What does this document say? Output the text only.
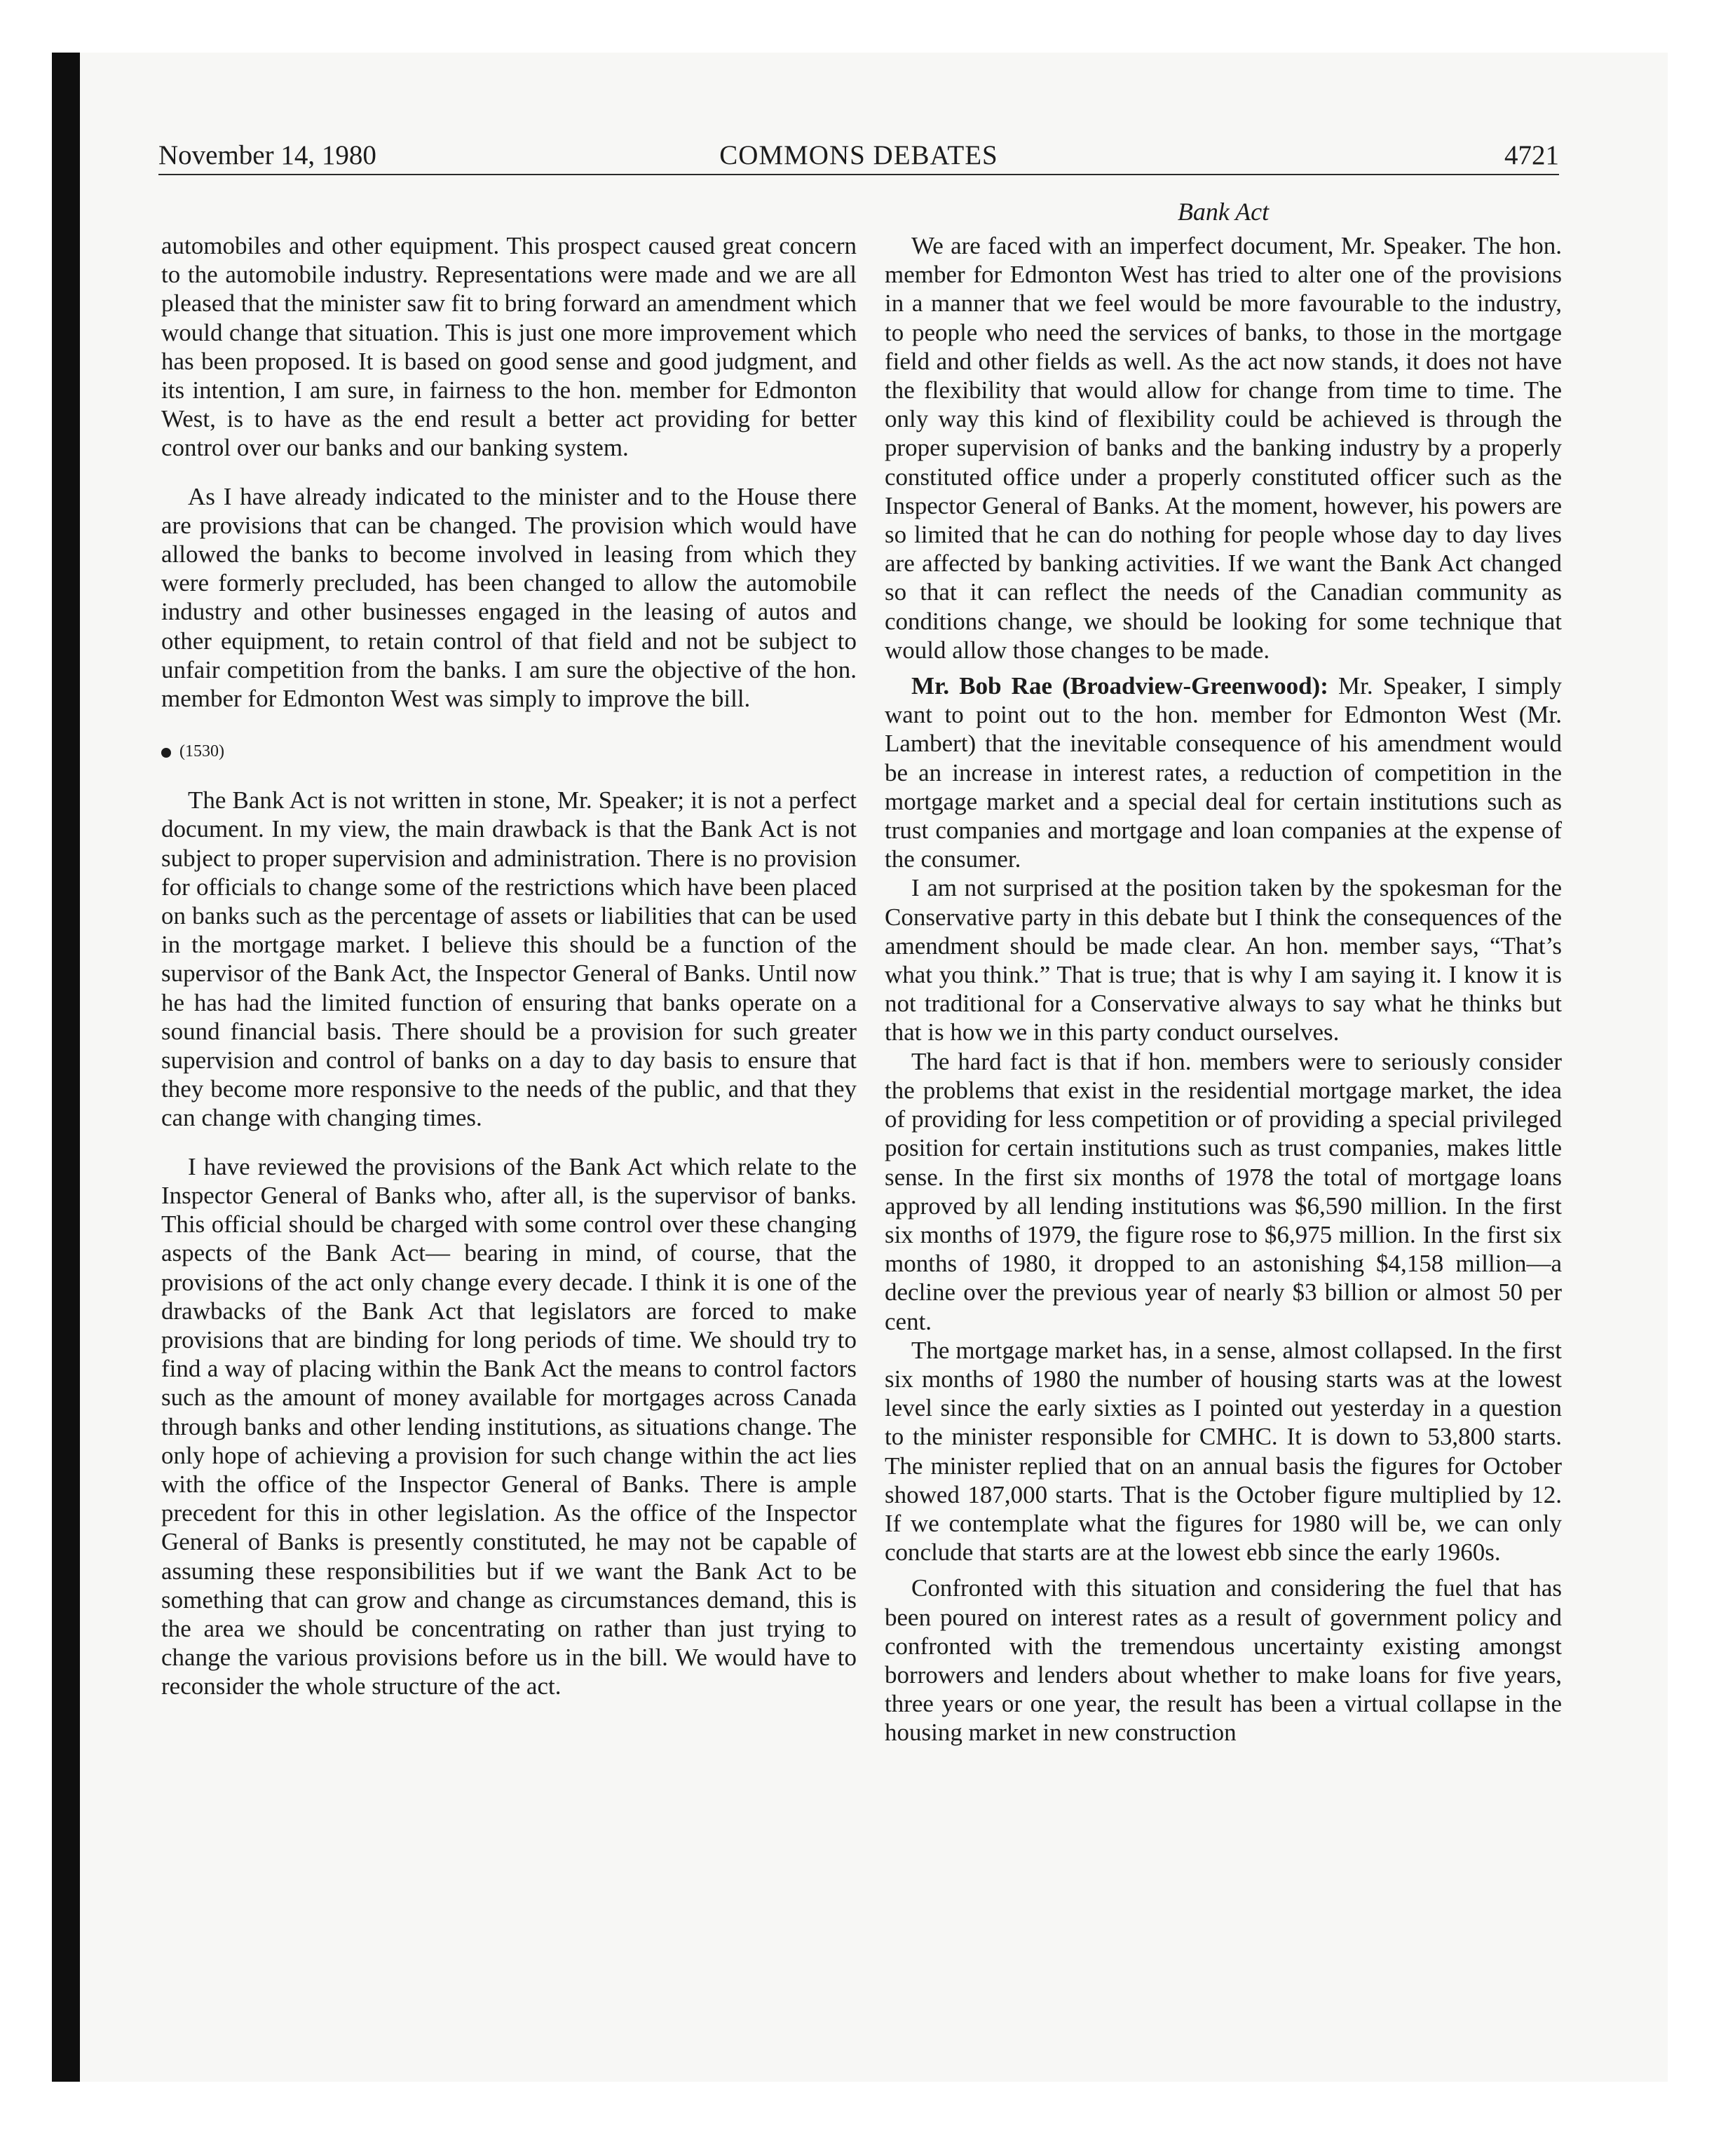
November 14, 1980	COMMONS DEBATES	4721
Bank Act

automobiles and other equipment. This prospect caused great concern to the automobile industry. Representations were made and we are all pleased that the minister saw fit to bring forward an amendment which would change that situation. This is just one more improvement which has been proposed. It is based on good sense and good judgment, and its intention, I am sure, in fairness to the hon. member for Edmonton West, is to have as the end result a better act providing for better control over our banks and our banking system.

As I have already indicated to the minister and to the House there are provisions that can be changed. The provision which would have allowed the banks to become involved in leasing from which they were formerly precluded, has been changed to allow the automobile industry and other businesses engaged in the leasing of autos and other equipment, to retain control of that field and not be subject to unfair competition from the banks. I am sure the objective of the hon. member for Edmonton West was simply to improve the bill.

(1530)

The Bank Act is not written in stone, Mr. Speaker; it is not a perfect document. In my view, the main drawback is that the Bank Act is not subject to proper supervision and administration. There is no provision for officials to change some of the restrictions which have been placed on banks such as the percentage of assets or liabilities that can be used in the mortgage market. I believe this should be a function of the supervisor of the Bank Act, the Inspector General of Banks. Until now he has had the limited function of ensuring that banks operate on a sound financial basis. There should be a provision for such greater supervision and control of banks on a day to day basis to ensure that they become more responsive to the needs of the public, and that they can change with changing times.

I have reviewed the provisions of the Bank Act which relate to the Inspector General of Banks who, after all, is the supervisor of banks. This official should be charged with some control over these changing aspects of the Bank Act— bearing in mind, of course, that the provisions of the act only change every decade. I think it is one of the drawbacks of the Bank Act that legislators are forced to make provisions that are binding for long periods of time. We should try to find a way of placing within the Bank Act the means to control factors such as the amount of money available for mortgages across Canada through banks and other lending institutions, as situations change. The only hope of achieving a provision for such change within the act lies with the office of the Inspector General of Banks. There is ample precedent for this in other legislation. As the office of the Inspector General of Banks is presently constituted, he may not be capable of assuming these responsibilities but if we want the Bank Act to be something that can grow and change as circumstances demand, this is the area we should be concentrating on rather than just trying to change the various provisions before us in the bill. We would have to reconsider the whole structure of the act.

We are faced with an imperfect document, Mr. Speaker. The hon. member for Edmonton West has tried to alter one of the provisions in a manner that we feel would be more favourable to the industry, to people who need the services of banks, to those in the mortgage field and other fields as well. As the act now stands, it does not have the flexibility that would allow for change from time to time. The only way this kind of flexibility could be achieved is through the proper supervision of banks and the banking industry by a properly constituted office under a properly constituted officer such as the Inspector General of Banks. At the moment, however, his powers are so limited that he can do nothing for people whose day to day lives are affected by banking activities. If we want the Bank Act changed so that it can reflect the needs of the Canadian community as conditions change, we should be looking for some technique that would allow those changes to be made.

Mr. Bob Rae (Broadview-Greenwood): Mr. Speaker, I simply want to point out to the hon. member for Edmonton West (Mr. Lambert) that the inevitable consequence of his amendment would be an increase in interest rates, a reduction of competition in the mortgage market and a special deal for certain institutions such as trust companies and mortgage and loan companies at the expense of the consumer.

I am not surprised at the position taken by the spokesman for the Conservative party in this debate but I think the consequences of the amendment should be made clear. An hon. member says, “That’s what you think.” That is true; that is why I am saying it. I know it is not traditional for a Conservative always to say what he thinks but that is how we in this party conduct ourselves.

The hard fact is that if hon. members were to seriously consider the problems that exist in the residential mortgage market, the idea of providing for less competition or of providing a special privileged position for certain institutions such as trust companies, makes little sense. In the first six months of 1978 the total of mortgage loans approved by all lending institutions was $6,590 million. In the first six months of 1979, the figure rose to $6,975 million. In the first six months of 1980, it dropped to an astonishing $4,158 million—a decline over the previous year of nearly $3 billion or almost 50 per cent.

The mortgage market has, in a sense, almost collapsed. In the first six months of 1980 the number of housing starts was at the lowest level since the early sixties as I pointed out yesterday in a question to the minister responsible for CMHC. It is down to 53,800 starts. The minister replied that on an annual basis the figures for October showed 187,000 starts. That is the October figure multiplied by 12. If we contemplate what the figures for 1980 will be, we can only conclude that starts are at the lowest ebb since the early 1960s.

Confronted with this situation and considering the fuel that has been poured on interest rates as a result of government policy and confronted with the tremendous uncertainty existing amongst borrowers and lenders about whether to make loans for five years, three years or one year, the result has been a virtual collapse in the housing market in new construction
